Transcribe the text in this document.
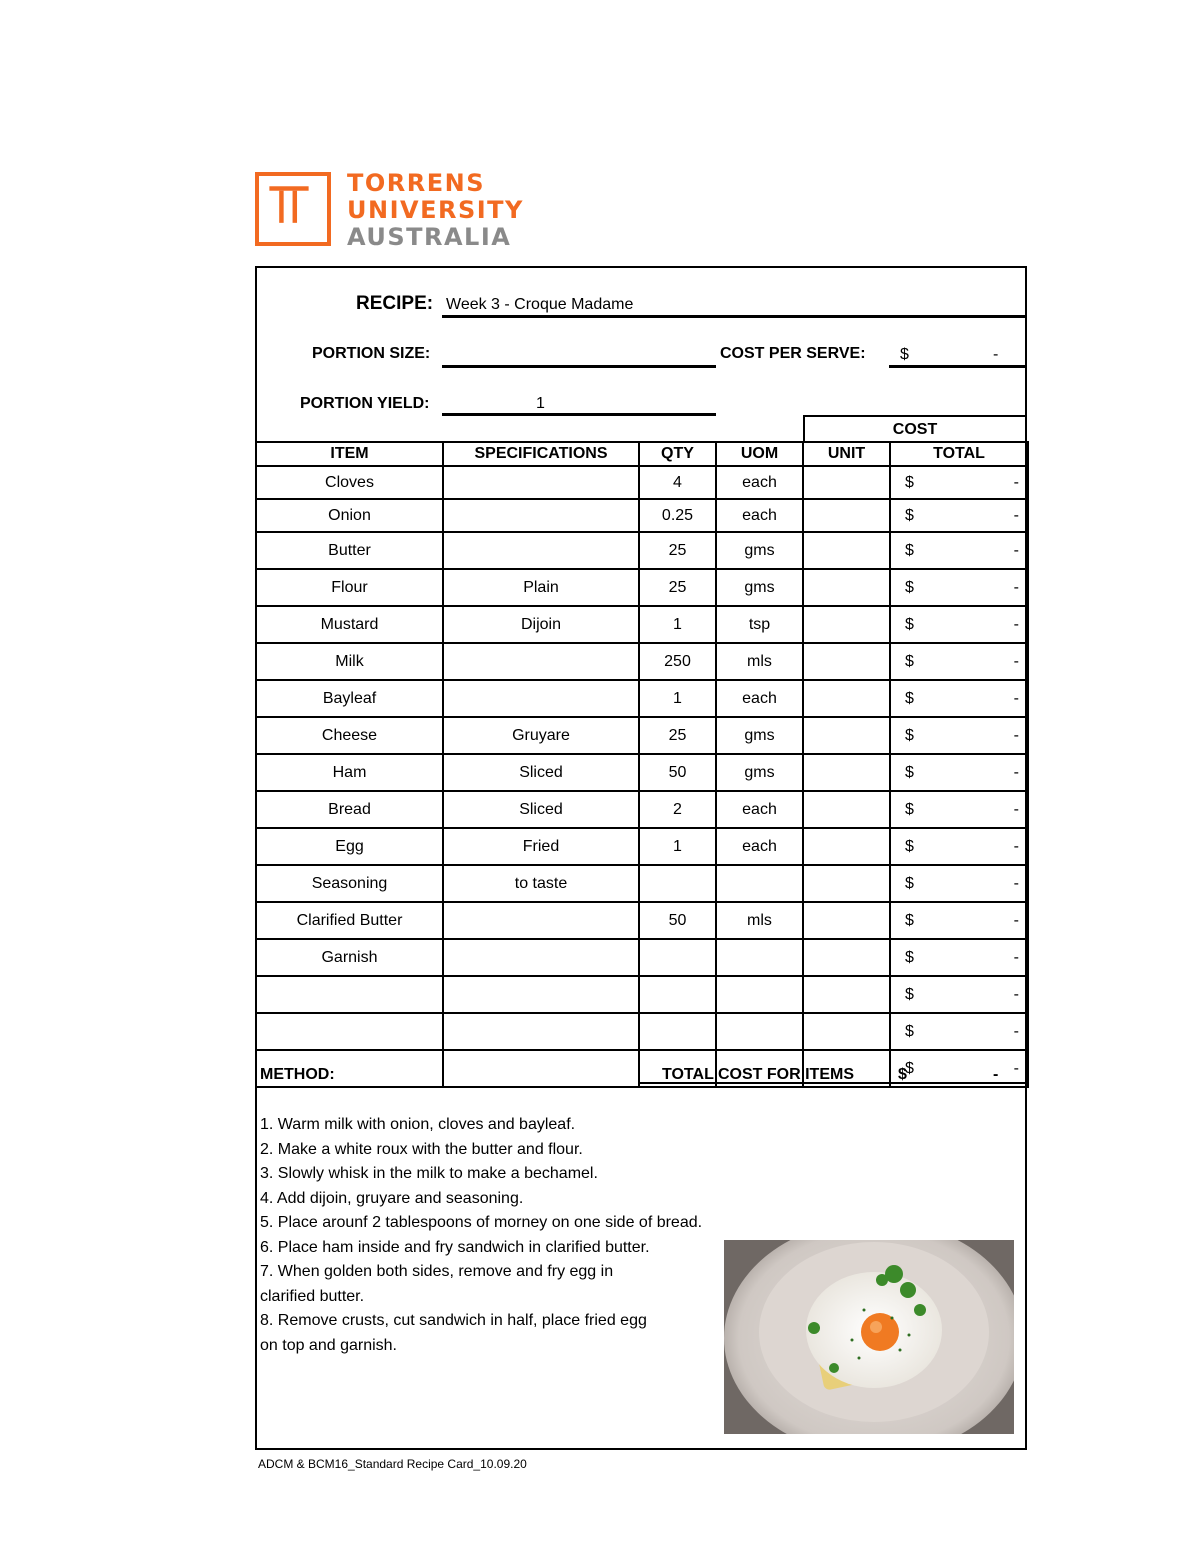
TORRENS
UNIVERSITY
AUSTRALIA
RECIPE: Week 3 - Croque Madame
PORTION SIZE:	COST PER SERVE: $	-
PORTION YIELD:	1
COST
ITEM	SPECIFICATIONS	QTY	UOM	UNIT	TOTAL
Cloves		4	each		$ -

Onion		0.25	each		$ -

Butter		25	gms		$ -

Flour	Plain	25	gms		$ -

Mustard	Dijoin	1	tsp		$ -

Milk		250	mls		$ -

Bayleaf		1	each		$ -

Cheese	Gruyare	25	gms		$ -

Ham	Sliced	50	gms		$ -

Bread	Sliced	2	each		$ -

Egg	Fried	1	each		$ -

Seasoning	to taste				$ -

Clarified Butter		50	mls		$ -

Garnish					$ -

					$ -

					$ -

					$ -
METHOD:	TOTAL COST FOR ITEMS	$	-
1. Warm milk with onion, cloves and bayleaf.
2. Make a white roux with the butter and flour.
3. Slowly whisk in the milk to make a bechamel.
4. Add dijoin, gruyare and seasoning.
5. Place arounf 2 tablespoons of morney on one side of bread.
6. Place ham inside and fry sandwich in clarified butter.
7. When golden both sides, remove and fry egg in
clarified butter.
8. Remove crusts, cut sandwich in half, place fried egg
on top and garnish.
ADCM & BCM16_Standard Recipe Card_10.09.20
